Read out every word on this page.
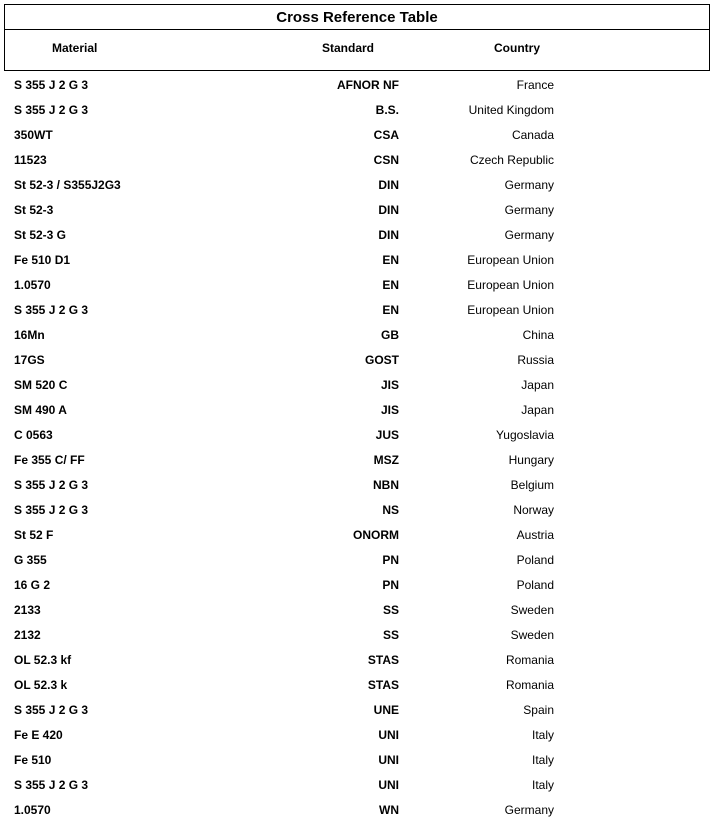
Cross Reference Table
Material	Standard	Country
S 355 J 2 G 3	AFNOR NF	France
S 355 J 2 G 3	B.S.	United Kingdom
350WT	CSA	Canada
11523	CSN	Czech Republic
St 52-3 / S355J2G3	DIN	Germany
St 52-3	DIN	Germany
St 52-3 G	DIN	Germany
Fe 510 D1	EN	European Union
1.0570	EN	European Union
S 355 J 2 G 3	EN	European Union
16Mn	GB	China
17GS	GOST	Russia
SM 520 C	JIS	Japan
SM 490 A	JIS	Japan
C 0563	JUS	Yugoslavia
Fe 355 C/ FF	MSZ	Hungary
S 355 J 2 G 3	NBN	Belgium
S 355 J 2 G 3	NS	Norway
St 52 F	ONORM	Austria
G 355	PN	Poland
16 G 2	PN	Poland
2133	SS	Sweden
2132	SS	Sweden
OL 52.3 kf	STAS	Romania
OL 52.3 k	STAS	Romania
S 355 J 2 G 3	UNE	Spain
Fe E 420	UNI	Italy
Fe 510	UNI	Italy
S 355 J 2 G 3	UNI	Italy
1.0570	WN	Germany
